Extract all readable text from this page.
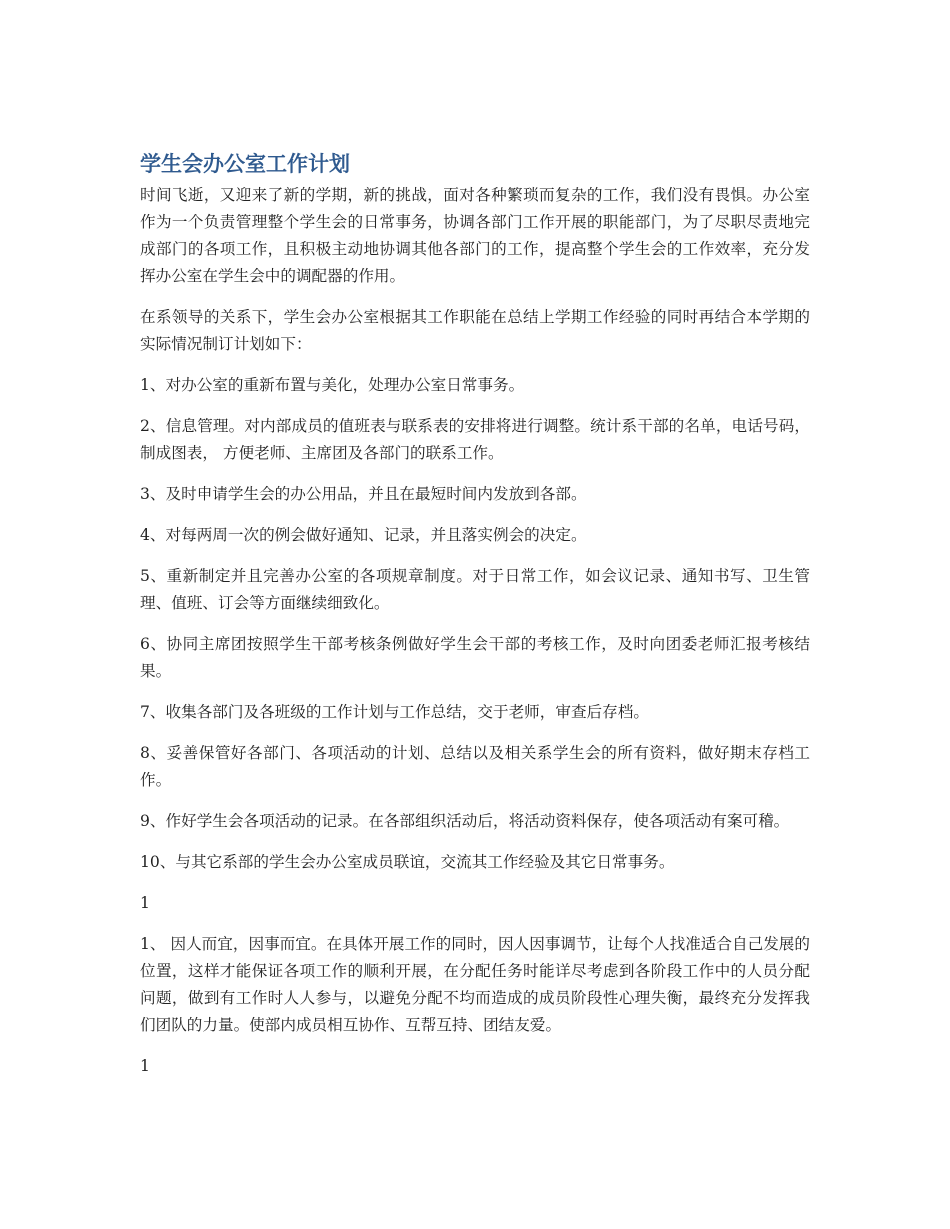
学生会办公室工作计划

时间飞逝，又迎来了新的学期，新的挑战，面对各种繁琐而复杂的工作，我们没有畏惧。办公室作为一个负责管理整个学生会的日常事务，协调各部门工作开展的职能部门，为了尽职尽责地完成部门的各项工作，且积极主动地协调其他各部门的工作，提高整个学生会的工作效率，充分发挥办公室在学生会中的调配器的作用。

在系领导的关系下，学生会办公室根据其工作职能在总结上学期工作经验的同时再结合本学期的实际情况制订计划如下：

1、对办公室的重新布置与美化，处理办公室日常事务。

2、信息管理。对内部成员的值班表与联系表的安排将进行调整。统计系干部的名单，电话号码，制成图表， 方便老师、主席团及各部门的联系工作。

3、及时申请学生会的办公用品，并且在最短时间内发放到各部。

4、对每两周一次的例会做好通知、记录，并且落实例会的决定。

5、重新制定并且完善办公室的各项规章制度。对于日常工作，如会议记录、通知书写、卫生管理、值班、订会等方面继续细致化。

6、协同主席团按照学生干部考核条例做好学生会干部的考核工作，及时向团委老师汇报考核结果。

7、收集各部门及各班级的工作计划与工作总结，交于老师，审查后存档。

8、妥善保管好各部门、各项活动的计划、总结以及相关系学生会的所有资料，做好期末存档工作。

9、作好学生会各项活动的记录。在各部组织活动后，将活动资料保存，使各项活动有案可稽。

10、与其它系部的学生会办公室成员联谊，交流其工作经验及其它日常事务。

1

1、 因人而宜，因事而宜。在具体开展工作的同时，因人因事调节，让每个人找准适合自己发展的位置，这样才能保证各项工作的顺利开展，在分配任务时能详尽考虑到各阶段工作中的人员分配问题，做到有工作时人人参与，以避免分配不均而造成的成员阶段性心理失衡，最终充分发挥我们团队的力量。使部内成员相互协作、互帮互持、团结友爱。

1
